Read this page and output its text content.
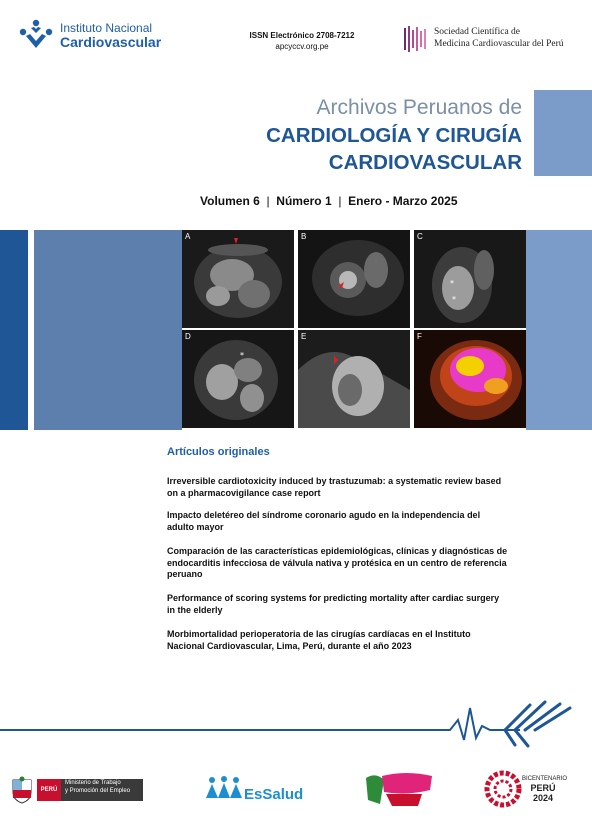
Instituto Nacional
Cardiovascular	ISSN Electrónico 2708-7212
apcyccv.org.pe
Sociedad Científica de
Medicina Cardiovascular del Perú
Archivos Peruanos de
CARDIOLOGÍA Y CIRUGÍA
CARDIOVASCULAR
Volumen 6  |  Número 1  |  Enero - Marzo 2025
A	B	C
*
*
D
*
E	F
Artículos originales
Irreversible cardiotoxicity induced by trastuzumab: a systematic review based on a pharmacovigilance case report
Impacto deletéreo del síndrome coronario agudo en la independencia del adulto mayor
Comparación de las características epidemiológicas, clínicas y diagnósticas de endocarditis infecciosa de válvula nativa y protésica en un centro de referencia peruano
Performance of scoring systems for predicting mortality after cardiac surgery in the elderly
Morbimortalidad perioperatoria de las cirugías cardíacas en el Instituto Nacional Cardiovascular, Lima, Perú, durante el año 2023
PERÚ
Ministerio de Trabajo
y Promoción del Empleo	EsSalud
BICENTENARIO
PERÚ
2024
